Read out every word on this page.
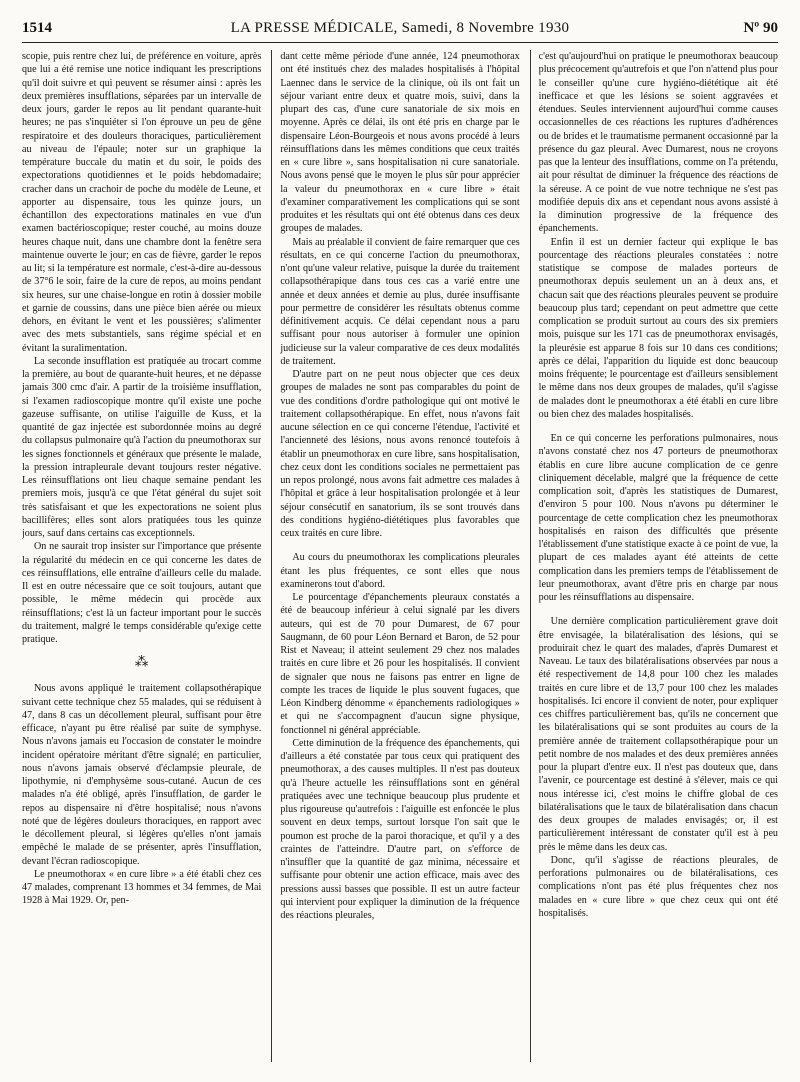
1514	LA PRESSE MÉDICALE, Samedi, 8 Novembre 1930	Nº 90

scopie, puis rentre chez lui, de préférence en voiture, après que lui a été remise une notice indiquant les prescriptions qu'il doit suivre et qui peuvent se résumer ainsi : après les deux premières insufflations, séparées par un intervalle de deux jours, garder le repos au lit pendant quarante-huit heures; ne pas s'inquiéter si l'on éprouve un peu de gêne respiratoire et des douleurs thoraciques, particulièrement au niveau de l'épaule; noter sur un graphique la température buccale du matin et du soir, le poids des expectorations quotidiennes et le poids hebdomadaire; cracher dans un crachoir de poche du modèle de Leune, et apporter au dispensaire, tous les quinze jours, un échantillon des expectorations matinales en vue d'un examen bactérioscopique; rester couché, au moins douze heures chaque nuit, dans une chambre dont la fenêtre sera maintenue ouverte le jour; en cas de fièvre, garder le repos au lit; si la température est normale, c'est-à-dire au-dessous de 37°6 le soir, faire de la cure de repos, au moins pendant six heures, sur une chaise-longue en rotin à dossier mobile et garnie de coussins, dans une pièce bien aérée ou mieux dehors, en évitant le vent et les poussières; s'alimenter avec des mets substantiels, sans régime spécial et en évitant la suralimentation.

La seconde insufflation est pratiquée au trocart comme la première, au bout de quarante-huit heures, et ne dépasse jamais 300 cmc d'air. A partir de la troisième insufflation, si l'examen radioscopique montre qu'il existe une poche gazeuse suffisante, on utilise l'aiguille de Kuss, et la quantité de gaz injectée est subordonnée moins au degré du collapsus pulmonaire qu'à l'action du pneumothorax sur les signes fonctionnels et généraux que présente le malade, la pression intrapleurale devant toujours rester négative. Les réinsufflations ont lieu chaque semaine pendant les premiers mois, jusqu'à ce que l'état général du sujet soit très satisfaisant et que les expectorations ne soient plus bacillifères; elles sont alors pratiquées tous les quinze jours, sauf dans certains cas exceptionnels.

On ne saurait trop insister sur l'importance que présente la régularité du médecin en ce qui concerne les dates de ces réinsufflations, elle entraîne d'ailleurs celle du malade. Il est en outre nécessaire que ce soit toujours, autant que possible, le même médecin qui procède aux réinsufflations; c'est là un facteur important pour le succès du traitement, malgré le temps considérable qu'exige cette pratique.

⁂

Nous avons appliqué le traitement collapsothérapique suivant cette technique chez 55 malades, qui se réduisent à 47, dans 8 cas un décollement pleural, suffisant pour être efficace, n'ayant pu être réalisé par suite de symphyse. Nous n'avons jamais eu l'occasion de constater le moindre incident opératoire méritant d'être signalé; en particulier, nous n'avons jamais observé d'éclampsie pleurale, de lipothymie, ni d'emphysème sous-cutané. Aucun de ces malades n'a été obligé, après l'insufflation, de garder le repos au dispensaire ni d'être hospitalisé; nous n'avons noté que de légères douleurs thoraciques, en rapport avec le décollement pleural, si légères qu'elles n'ont jamais empêché le malade de se présenter, après l'insufflation, devant l'écran radioscopique.

Le pneumothorax « en cure libre » a été établi chez ces 47 malades, comprenant 13 hommes et 34 femmes, de Mai 1928 à Mai 1929. Or, pen-

dant cette même période d'une année, 124 pneumothorax ont été institués chez des malades hospitalisés à l'hôpital Laennec dans le service de la clinique, où ils ont fait un séjour variant entre deux et quatre mois, suivi, dans la plupart des cas, d'une cure sanatoriale de six mois en moyenne. Après ce délai, ils ont été pris en charge par le dispensaire Léon-Bourgeois et nous avons procédé à leurs réinsufflations dans les mêmes conditions que ceux traités en « cure libre », sans hospitalisation ni cure sanatoriale. Nous avons pensé que le moyen le plus sûr pour apprécier la valeur du pneumothorax en « cure libre » était d'examiner comparativement les complications qui se sont produites et les résultats qui ont été obtenus dans ces deux groupes de malades.

Mais au préalable il convient de faire remarquer que ces résultats, en ce qui concerne l'action du pneumothorax, n'ont qu'une valeur relative, puisque la durée du traitement collapsothérapique dans tous ces cas a varié entre une année et deux années et demie au plus, durée insuffisante pour permettre de considérer les résultats obtenus comme définitivement acquis. Ce délai cependant nous a paru suffisant pour nous autoriser à formuler une opinion judicieuse sur la valeur comparative de ces deux modalités de traitement.

D'autre part on ne peut nous objecter que ces deux groupes de malades ne sont pas comparables du point de vue des conditions d'ordre pathologique qui ont motivé le traitement collapsothérapique. En effet, nous n'avons fait aucune sélection en ce qui concerne l'étendue, l'activité et l'ancienneté des lésions, nous avons renoncé toutefois à établir un pneumothorax en cure libre, sans hospitalisation, chez ceux dont les conditions sociales ne permettaient pas un repos prolongé, nous avons fait admettre ces malades à l'hôpital et grâce à leur hospitalisation prolongée et à leur séjour consécutif en sanatorium, ils se sont trouvés dans des conditions hygiéno-diététiques plus favorables que ceux traités en cure libre.

Au cours du pneumothorax les complications pleurales étant les plus fréquentes, ce sont elles que nous examinerons tout d'abord.

Le pourcentage d'épanchements pleuraux constatés a été de beaucoup inférieur à celui signalé par les divers auteurs, qui est de 70 pour Dumarest, de 67 pour Saugmann, de 60 pour Léon Bernard et Baron, de 52 pour Rist et Naveau; il atteint seulement 29 chez nos malades traités en cure libre et 26 pour les hospitalisés. Il convient de signaler que nous ne faisons pas entrer en ligne de compte les traces de liquide le plus souvent fugaces, que Léon Kindberg dénomme « épanchements radiologiques » et qui ne s'accompagnent d'aucun signe physique, fonctionnel ni général appréciable.

Cette diminution de la fréquence des épanchements, qui d'ailleurs a été constatée par tous ceux qui pratiquent des pneumothorax, a des causes multiples. Il n'est pas douteux qu'à l'heure actuelle les réinsufflations sont en général pratiquées avec une technique beaucoup plus prudente et plus rigoureuse qu'autrefois : l'aiguille est enfoncée le plus souvent en deux temps, surtout lorsque l'on sait que le poumon est proche de la paroi thoracique, et qu'il y a des craintes de l'atteindre. D'autre part, on s'efforce de n'insuffler que la quantité de gaz minima, nécessaire et suffisante pour obtenir une action efficace, mais avec des pressions aussi basses que possible. Il est un autre facteur qui intervient pour expliquer la diminution de la fréquence des réactions pleurales,

c'est qu'aujourd'hui on pratique le pneumothorax beaucoup plus précocement qu'autrefois et que l'on n'attend plus pour le conseiller qu'une cure hygiéno-diététique ait été inefficace et que les lésions se soient aggravées et étendues. Seules interviennent aujourd'hui comme causes occasionnelles de ces réactions les ruptures d'adhérences ou de brides et le traumatisme permanent occasionné par la présence du gaz pleural. Avec Dumarest, nous ne croyons pas que la lenteur des insufflations, comme on l'a prétendu, ait pour résultat de diminuer la fréquence des réactions de la séreuse. A ce point de vue notre technique ne s'est pas modifiée depuis dix ans et cependant nous avons assisté à la diminution progressive de la fréquence des épanchements.

Enfin il est un dernier facteur qui explique le bas pourcentage des réactions pleurales constatées : notre statistique se compose de malades porteurs de pneumothorax depuis seulement un an à deux ans, et chacun sait que des réactions pleurales peuvent se produire beaucoup plus tard; cependant on peut admettre que cette complication se produit surtout au cours des six premiers mois, puisque sur les 171 cas de pneumothorax envisagés, la pleurésie est apparue 8 fois sur 10 dans ces conditions; après ce délai, l'apparition du liquide est donc beaucoup moins fréquente; le pourcentage est d'ailleurs sensiblement le même dans nos deux groupes de malades, qu'il s'agisse de malades dont le pneumothorax a été établi en cure libre ou bien chez des malades hospitalisés.

En ce qui concerne les perforations pulmonaires, nous n'avons constaté chez nos 47 porteurs de pneumothorax établis en cure libre aucune complication de ce genre cliniquement décelable, malgré que la fréquence de cette complication soit, d'après les statistiques de Dumarest, d'environ 5 pour 100. Nous n'avons pu déterminer le pourcentage de cette complication chez les pneumothorax hospitalisés en raison des difficultés que présente l'établissement d'une statistique exacte à ce point de vue, la plupart de ces malades ayant été atteints de cette complication dans les premiers temps de l'établissement de leur pneumothorax, avant d'être pris en charge par nous pour les réinsufflations au dispensaire.

Une dernière complication particulièrement grave doit être envisagée, la bilatéralisation des lésions, qui se produirait chez le quart des malades, d'après Dumarest et Naveau. Le taux des bilatéralisations observées par nous a été respectivement de 14,8 pour 100 chez les malades traités en cure libre et de 13,7 pour 100 chez les malades hospitalisés. Ici encore il convient de noter, pour expliquer ces chiffres particulièrement bas, qu'ils ne concernent que les bilatéralisations qui se sont produites au cours de la première année de traitement collapsothérapique pour un petit nombre de nos malades et des deux premières années pour la plupart d'entre eux. Il n'est pas douteux que, dans l'avenir, ce pourcentage est destiné à s'élever, mais ce qui nous intéresse ici, c'est moins le chiffre global de ces bilatéralisations que le taux de bilatéralisation dans chacun des deux groupes de malades envisagés; or, il est particulièrement intéressant de constater qu'il est à peu près le même dans les deux cas.

Donc, qu'il s'agisse de réactions pleurales, de perforations pulmonaires ou de bilatéralisations, ces complications n'ont pas été plus fréquentes chez nos malades en « cure libre » que chez ceux qui ont été hospitalisés.
